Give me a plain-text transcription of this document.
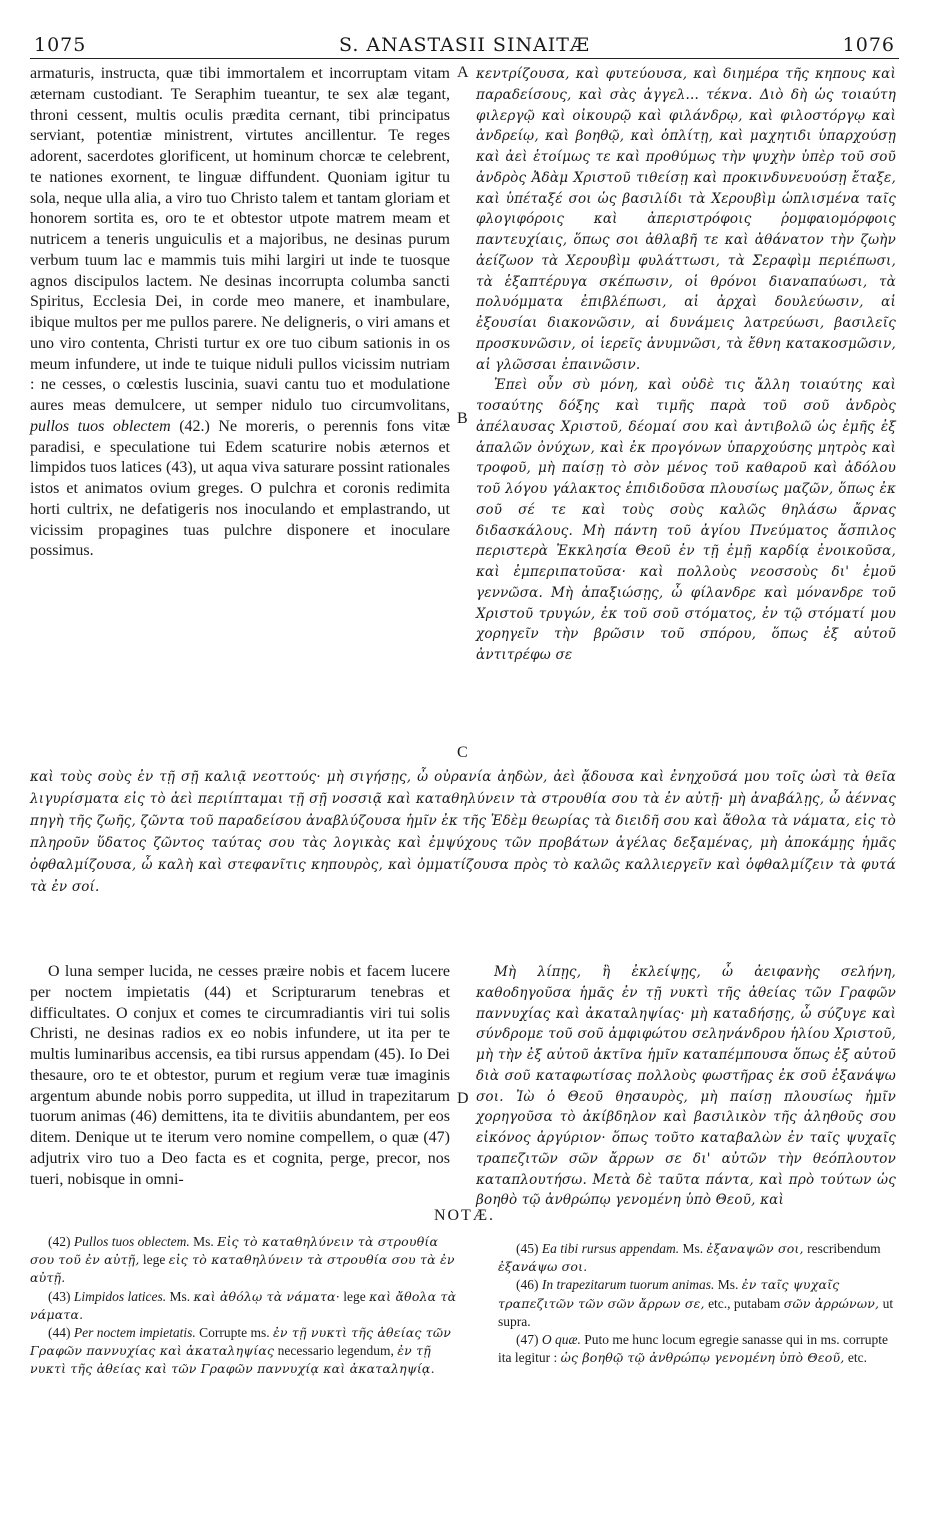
1075	S. ANASTASII SINAITÆ	1076
A
B
C
D

armaturis, instructa, quæ tibi immortalem et incorruptam vitam æternam custodiant. Te Seraphim tueantur, te sex alæ tegant, throni cessent, multis oculis prædita cernant, tibi principatus serviant, potentiæ ministrent, virtutes ancillentur. Te reges adorent, sacerdotes glorificent, ut hominum chorcæ te celebrent, te nationes exornent, te linguæ diffundent. Quoniam igitur tu sola, neque ulla alia, a viro tuo Christo talem et tantam gloriam et honorem sortita es, oro te et obtestor utpote matrem meam et nutricem a teneris unguiculis et a majoribus, ne desinas purum verbum tuum lac e mammis tuis mihi largiri ut inde te tuosque agnos discipulos lactem. Ne desinas incorrupta columba sancti Spiritus, Ecclesia Dei, in corde meo manere, et inambulare, ibique multos per me pullos parere. Ne deligneris, o viri amans et uno viro contenta, Christi turtur ex ore tuo cibum sationis in os meum infundere, ut inde te tuique niduli pullos vicissim nutriam : ne cesses, o cœlestis luscinia, suavi cantu tuo et modulatione aures meas demulcere, ut semper nidulo tuo circumvolitans, pullos tuos oblectem (42.) Ne moreris, o perennis fons vitæ paradisi, e speculatione tui Edem scaturire nobis æternos et limpidos tuos latices (43), ut aqua viva saturare possint rationales istos et animatos ovium greges. O pulchra et coronis redimita horti cultrix, ne defatigeris nos inoculando et emplastrando, ut vicissim propagines tuas pulchre disponere et inoculare possimus.

κεντρίζουσα, καὶ φυτεύουσα, καὶ διημέρα τῆς κηπους καὶ παραδείσους, καὶ σὰς ἀγγελ... τέκνα. Διὸ δὴ ὡς τοιαύτη φιλεργῷ καὶ οἰκουρῷ καὶ φιλάνδρῳ, καὶ φιλοστόργῳ καὶ ἀνδρείῳ, καὶ βοηθῷ, καὶ ὁπλίτῃ, καὶ μαχητιδι ὑπαρχούσῃ καὶ ἀεὶ ἑτοίμως τε καὶ προθύμως τὴν ψυχὴν ὑπὲρ τοῦ σοῦ ἀνδρὸς Ἀδὰμ Χριστοῦ τιθείσῃ καὶ προκινδυνευούσῃ ἔταξε, καὶ ὑπέταξέ σοι ὡς βασιλίδι τὰ Χερουβὶμ ὡπλισμένα ταῖς φλογιφόροις καὶ ἀπεριστρόφοις ῥομφαιομόρφοις παντευχίαις, ὅπως σοι ἀθλαβῆ τε καὶ ἀθάνατον τὴν ζωὴν ἀείζωον τὰ Χερουβὶμ φυλάττωσι, τὰ Σεραφὶμ περιέπωσι, τὰ ἑξαπτέρυγα σκέπωσιν, οἱ θρόνοι διαναπαύωσι, τὰ πολυόμματα ἐπιβλέπωσι, αἱ ἀρχαὶ δουλεύωσιν, αἱ ἐξουσίαι διακονῶσιν, αἱ δυνάμεις λατρεύωσι, βασιλεῖς προσκυνῶσιν, οἱ ἱερεῖς ἀνυμνῶσι, τὰ ἔθνη κατακοσμῶσιν, αἱ γλῶσσαι ἐπαινῶσιν.

Ἐπεὶ οὖν σὺ μόνη, καὶ οὐδὲ τις ἄλλη τοιαύτης καὶ τοσαύτης δόξης καὶ τιμῆς παρὰ τοῦ σοῦ ἀνδρὸς ἀπέλαυσας Χριστοῦ, δέομαί σου καὶ ἀντιβολῶ ὡς ἐμῆς ἐξ ἁπαλῶν ὀνύχων, καὶ ἐκ προγόνων ὑπαρχούσης μητρὸς καὶ τροφοῦ, μὴ παίσῃ τὸ σὸν μένος τοῦ καθαροῦ καὶ ἀδόλου τοῦ λόγου γάλακτος ἐπιδιδοῦσα πλουσίως μαζῶν, ὅπως ἐκ σοῦ σέ τε καὶ τοὺς σοὺς καλῶς θηλάσω ἄρνας διδασκάλους. Μὴ πάντη τοῦ ἁγίου Πνεύματος ἄσπιλος περιστερὰ Ἐκκλησία Θεοῦ ἐν τῇ ἐμῇ καρδίᾳ ἐνοικοῦσα, καὶ ἐμπεριπατοῦσα· καὶ πολλοὺς νεοσσοὺς δι' ἐμοῦ γεννῶσα. Μὴ ἀπαξιώσῃς, ὦ φίλανδρε καὶ μόνανδρε τοῦ Χριστοῦ τρυγών, ἐκ τοῦ σοῦ στόματος, ἐν τῷ στόματί μου χορηγεῖν τὴν βρῶσιν τοῦ σπόρου, ὅπως ἐξ αὐτοῦ ἀντιτρέφω σε

καὶ τοὺς σοὺς ἐν τῇ σῇ καλιᾷ νεοττούς· μὴ σιγήσῃς, ὦ οὐρανία ἀηδὼν, ἀεὶ ᾄδουσα καὶ ἐνηχοῦσά μου τοῖς ὠσὶ τὰ θεῖα λιγυρίσματα εἰς τὸ ἀεὶ περιίπταμαι τῇ σῇ νοσσιᾷ καὶ καταθηλύνειν τὰ στρουθία σου τὰ ἐν αὐτῇ· μὴ ἀναβάλῃς, ὦ ἀέννας πηγὴ τῆς ζωῆς, ζῶντα τοῦ παραδείσου ἀναβλύζουσα ἡμῖν ἐκ τῆς Ἐδὲμ θεωρίας τὰ διειδῆ σου καὶ ἄθολα τὰ νάματα, εἰς τὸ πληροῦν ὕδατος ζῶντος ταύτας σου τὰς λογικὰς καὶ ἐμψύχους τῶν προβάτων ἀγέλας δεξαμένας, μὴ ἀποκάμῃς ἡμᾶς ὀφθαλμίζουσα, ὦ καλὴ καὶ στεφανῖτις κηπουρὸς, καὶ ὀμματίζουσα πρὸς τὸ καλῶς καλλιεργεῖν καὶ ὀφθαλμίζειν τὰ φυτά τὰ ἐν σοί.

O luna semper lucida, ne cesses præire nobis et facem lucere per noctem impietatis (44) et Scripturarum tenebras et difficultates. O conjux et comes te circumradiantis viri tui solis Christi, ne desinas radios ex eo nobis infundere, ut ita per te multis luminaribus accensis, ea tibi rursus appendam (45). Io Dei thesaure, oro te et obtestor, purum et regium veræ tuæ imaginis argentum abunde nobis porro suppedita, ut illud in trapezitarum tuorum animas (46) demittens, ita te divitiis abundantem, per eos ditem. Denique ut te iterum vero nomine compellem, o quæ (47) adjutrix viro tuo a Deo facta es et cognita, perge, precor, nos tueri, nobisque in omni-

Μὴ λίπῃς, ἢ ἐκλείψῃς, ὦ ἀειφανὴς σελήνη, καθοδηγοῦσα ἡμᾶς ἐν τῇ νυκτὶ τῆς ἀθείας τῶν Γραφῶν παννυχίας καὶ ἀκαταληψίας· μὴ καταδήσῃς, ὦ σύζυγε καὶ σύνδρομε τοῦ σοῦ ἀμφιφώτου σεληνάνδρου ἡλίου Χριστοῦ, μὴ τὴν ἐξ αὐτοῦ ἀκτῖνα ἡμῖν καταπέμπουσα ὅπως ἐξ αὐτοῦ διὰ σοῦ καταφωτίσας πολλοὺς φωστῆρας ἐκ σοῦ ἐξανάψω σοι. Ἰὼ ὁ Θεοῦ θησαυρὸς, μὴ παίσῃ πλουσίως ἡμῖν χορηγοῦσα τὸ ἀκίβδηλον καὶ βασιλικὸν τῆς ἀληθοῦς σου εἰκόνος ἀργύριον· ὅπως τοῦτο καταβαλὼν ἐν ταῖς ψυχαῖς τραπεζιτῶν σῶν ἄρρων σε δι' αὐτῶν τὴν θεόπλουτον καταπλουτήσω. Μετὰ δὲ ταῦτα πάντα, καὶ πρὸ τούτων ὡς βοηθὸ τῷ ἀνθρώπῳ γενομένη ὑπὸ Θεοῦ, καὶ

NOTÆ.

(42) Pullos tuos oblectem. Ms. Εἰς τὸ καταθηλύνειν τὰ στρουθία σου τοῦ ἐν αὐτῇ, lege εἰς τὸ καταθηλύνειν τὰ στρουθία σου τὰ ἐν αὐτῇ.

(43) Limpidos latices. Ms. καὶ ἀθόλῳ τὰ νάματα· lege καὶ ἄθολα τὰ νάματα.

(44) Per noctem impietatis. Corrupte ms. ἐν τῇ νυκτὶ τῆς ἀθείας τῶν Γραφῶν παννυχίας καὶ ἀκαταληψίας necessario legendum, ἐν τῇ νυκτὶ τῆς ἀθείας καὶ τῶν Γραφῶν παννυχίᾳ καὶ ἀκαταληψίᾳ.

(45) Ea tibi rursus appendam. Ms. ἐξαναψῶν σοι, rescribendum ἐξανάψω σοι.

(46) In trapezitarum tuorum animas. Ms. ἐν ταῖς ψυχαῖς τραπεζιτῶν τῶν σῶν ἄρρων σε, etc., putabam σῶν ἀρρώνων, ut supra.

(47) O quæ. Puto me hunc locum egregie sanasse qui in ms. corrupte ita legitur : ὡς βοηθῷ τῷ ἀνθρώπῳ γενομένη ὑπὸ Θεοῦ, etc.
